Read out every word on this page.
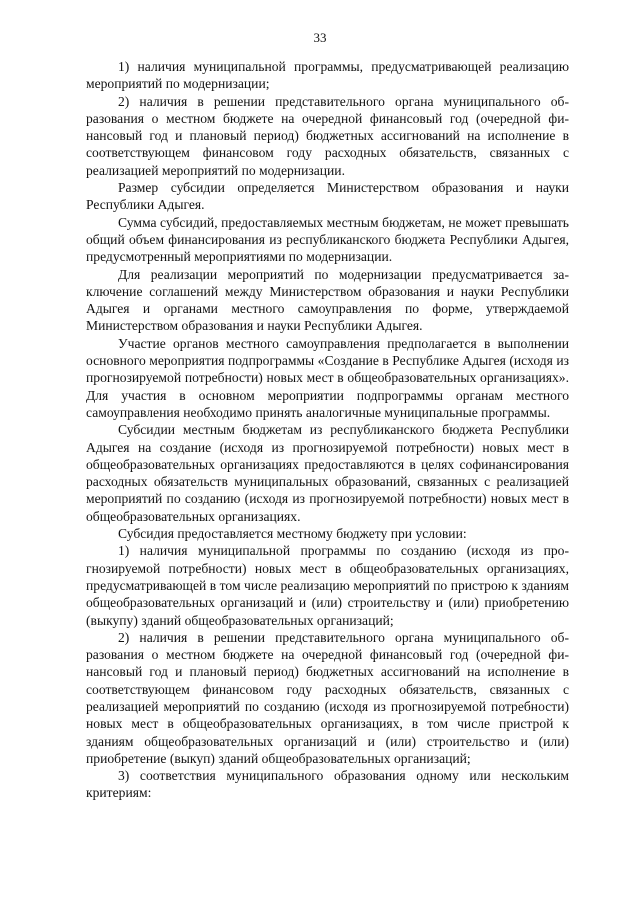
33

1) наличия муниципальной программы, предусматривающей реализацию мероприятий по модернизации;

2) наличия в решении представительного органа муниципального образования о местном бюджете на очередной финансовый год (очередной финансовый год и плановый период) бюджетных ассигнований на исполнение в соответствующем финансовом году расходных обязательств, связанных с реализацией мероприятий по модернизации.

Размер субсидии определяется Министерством образования и науки Республики Адыгея.

Сумма субсидий, предоставляемых местным бюджетам, не может превышать общий объем финансирования из республиканского бюджета Республики Адыгея, предусмотренный мероприятиями по модернизации.

Для реализации мероприятий по модернизации предусматривается заключение соглашений между Министерством образования и науки Республики Адыгея и органами местного самоуправления по форме, утверждаемой Министерством образования и науки Республики Адыгея.

Участие органов местного самоуправления предполагается в выполнении основного мероприятия подпрограммы «Создание в Республике Адыгея (исходя из прогнозируемой потребности) новых мест в общеобразовательных организациях». Для участия в основном мероприятии подпрограммы органам местного самоуправления необходимо принять аналогичные муниципальные программы.

Субсидии местным бюджетам из республиканского бюджета Республики Адыгея на создание (исходя из прогнозируемой потребности) новых мест в общеобразовательных организациях предоставляются в целях софинансирования расходных обязательств муниципальных образований, связанных с реализацией мероприятий по созданию (исходя из прогнозируемой потребности) новых мест в общеобразовательных организациях.

Субсидия предоставляется местному бюджету при условии:

1) наличия муниципальной программы по созданию (исходя из прогнозируемой потребности) новых мест в общеобразовательных организациях, предусматривающей в том числе реализацию мероприятий по пристрою к зданиям общеобразовательных организаций и (или) строительству и (или) приобретению (выкупу) зданий общеобразовательных организаций;

2) наличия в решении представительного органа муниципального образования о местном бюджете на очередной финансовый год (очередной финансовый год и плановый период) бюджетных ассигнований на исполнение в соответствующем финансовом году расходных обязательств, связанных с реализацией мероприятий по созданию (исходя из прогнозируемой потребности) новых мест в общеобразовательных организациях, в том числе пристрой к зданиям общеобразовательных организаций и (или) строительство и (или) приобретение (выкуп) зданий общеобразовательных организаций;

3) соответствия муниципального образования одному или нескольким критериям:
